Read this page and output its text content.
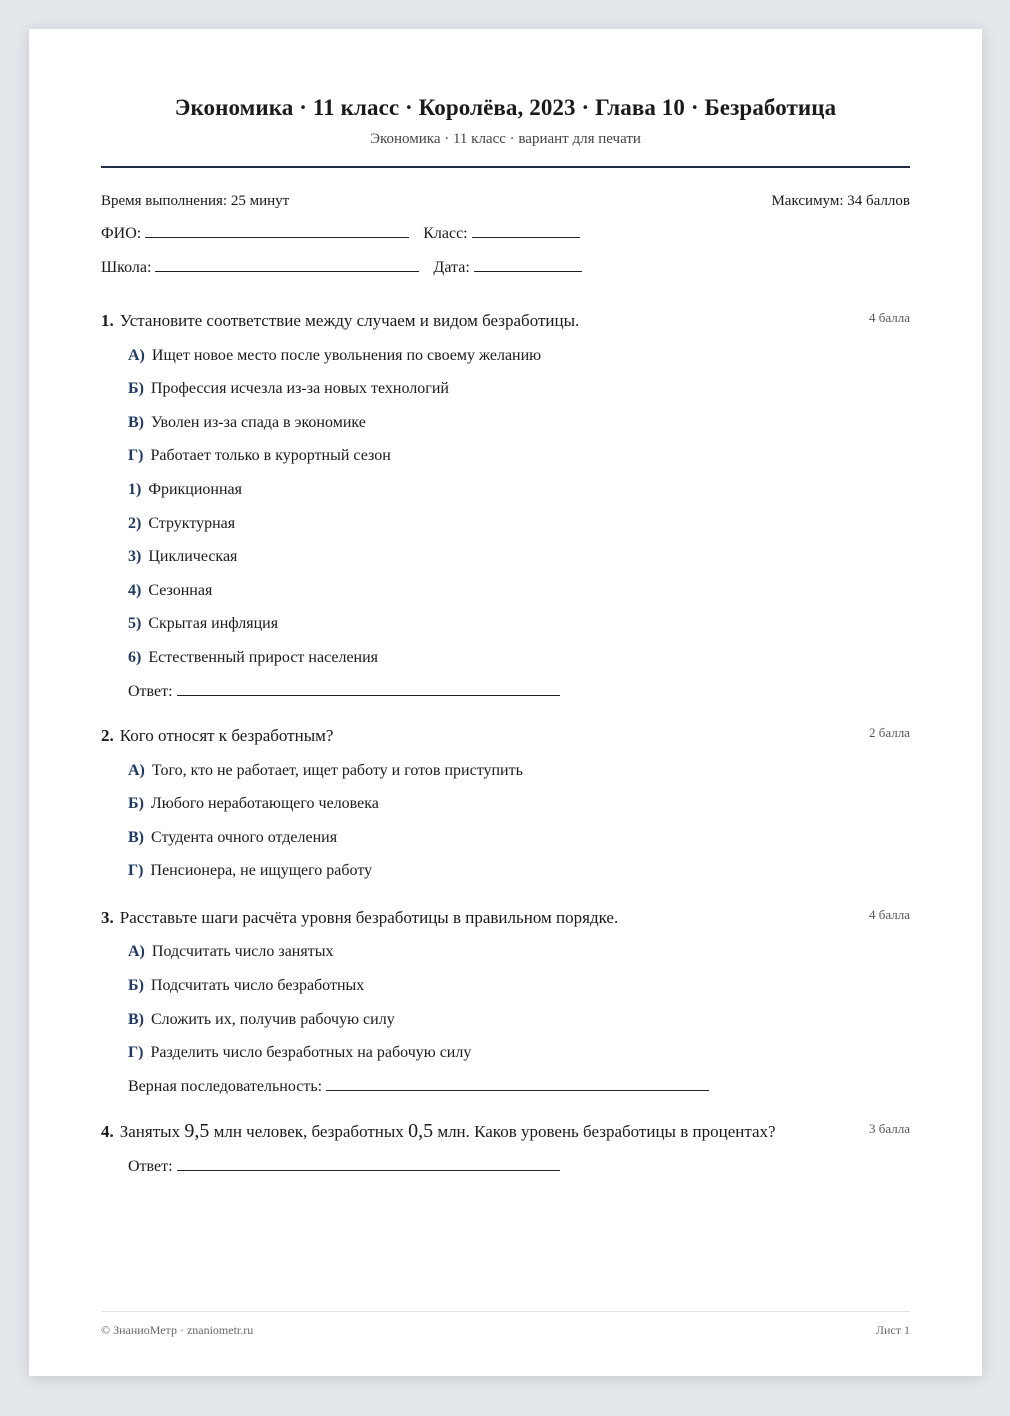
Экономика · 11 класс · Королёва, 2023 · Глава 10 · Безработица
Экономика · 11 класс · вариант для печати
Время выполнения: 25 минут	Максимум: 34 баллов
ФИО:	Класс:
Школа:	Дата:
1. Установите соответствие между случаем и видом безработицы.	4 балла
А) Ищет новое место после увольнения по своему желанию
Б) Профессия исчезла из-за новых технологий
В) Уволен из-за спада в экономике
Г) Работает только в курортный сезон
1) Фрикционная
2) Структурная
3) Циклическая
4) Сезонная
5) Скрытая инфляция
6) Естественный прирост населения
Ответ:
2. Кого относят к безработным?	2 балла
А) Того, кто не работает, ищет работу и готов приступить
Б) Любого неработающего человека
В) Студента очного отделения
Г) Пенсионера, не ищущего работу
3. Расставьте шаги расчёта уровня безработицы в правильном порядке.	4 балла
А) Подсчитать число занятых
Б) Подсчитать число безработных
В) Сложить их, получив рабочую силу
Г) Разделить число безработных на рабочую силу
Верная последовательность:
4. Занятых 9,5 млн человек, безработных 0,5 млн. Каков уровень безработицы в процентах?	3 балла
Ответ:
© ЗнаниоМетр · znaniometr.ru	Лист 1
